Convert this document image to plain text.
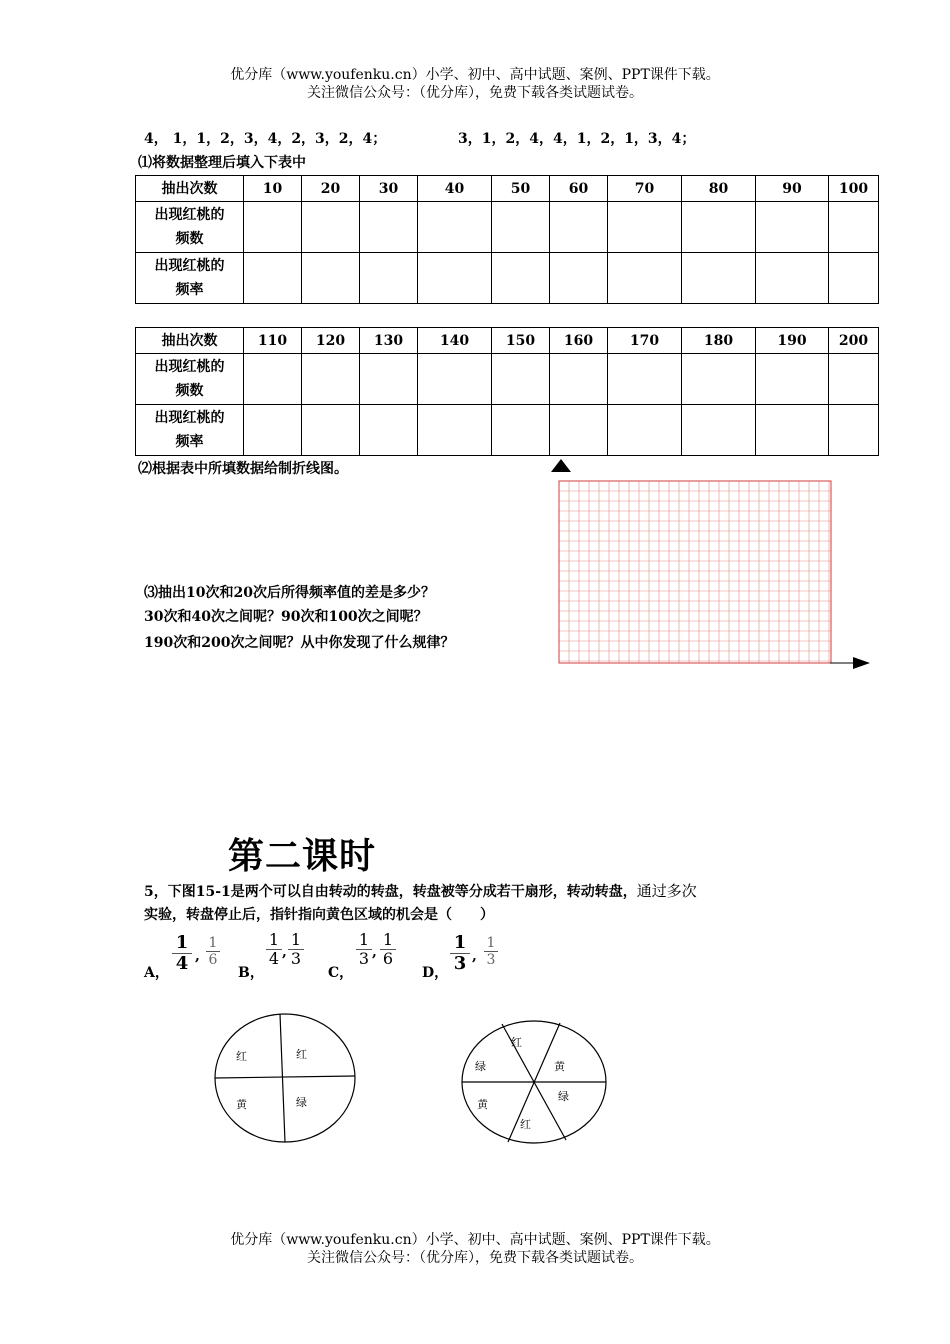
优分库（www.youfenku.cn）小学、初中、高中试题、案例、PPT课件下载。
关注微信公众号：（优分库），免费下载各类试题试卷。
4， 1，1，2，3，4，2，3，2，4；	3，1，2，4，4，1，2，1，3，4；
⑴将数据整理后填入下表中
抽出次数	10	20	30	40	50	60	70	80	90	100

出现红桃的
频数										

出现红桃的
频率										

抽出次数	110	120	130	140	150	160	170	180	190	200

出现红桃的
频数										

出现红桃的
频率										

⑵根据表中所填数据给制折线图。
⑶抽出10次和20次后所得频率值的差是多少？
30次和40次之间呢？90次和100次之间呢？
190次和200次之间呢？从中你发现了什么规律？
第二课时
5，下图15-1是两个可以自由转动的转盘，转盘被等分成若干扇形，转动转盘，通过多次
实验，转盘停止后，指针指向黄色区域的机会是（　　）
A，
1
4 ,
1
6
B，
1
4 ,
1
3
C，
1
3 ,
1
6
D，
1
3 ,
1
3
红	红
黄	绿
红
黄
绿
红
黄
绿
优分库（www.youfenku.cn）小学、初中、高中试题、案例、PPT课件下载。
关注微信公众号：（优分库），免费下载各类试题试卷。
